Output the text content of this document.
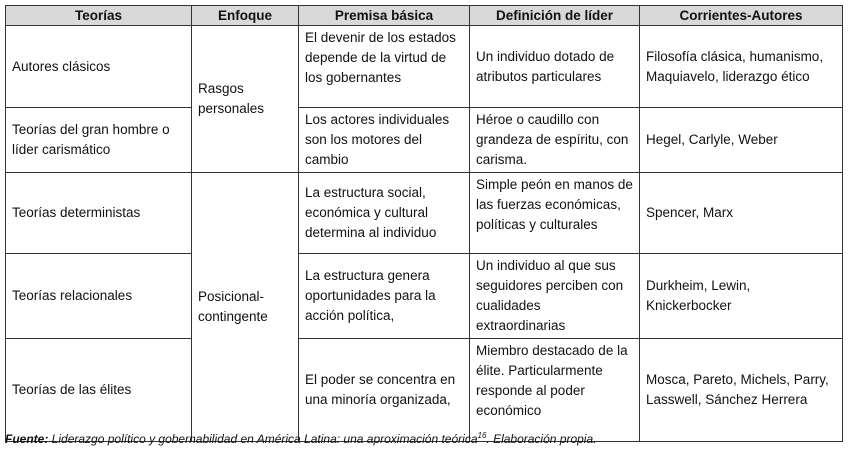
Teorías	Enfoque	Premisa básica	Definición de líder	Corrientes-Autores
Autores clásicos	Rasgos personales	El devenir de los estados depende de la virtud de los gobernantes	Un individuo dotado de atributos particulares	Filosofía clásica, humanismo, Maquiavelo, liderazgo ético
Teorías del gran hombre o líder carismático		Los actores individuales son los motores del cambio	Héroe o caudillo con grandeza de espíritu, con carisma.	Hegel, Carlyle, Weber
Teorías deterministas	Posicional-contingente	La estructura social, económica y cultural determina al individuo	Simple peón en manos de las fuerzas económicas, políticas y culturales	Spencer, Marx
Teorías relacionales		La estructura genera oportunidades para la acción política,	Un individuo al que sus seguidores perciben con cualidades extraordinarias	Durkheim, Lewin, Knickerbocker
Teorías de las élites		El poder se concentra en una minoría organizada,	Miembro destacado de la élite. Particularmente responde al poder económico	Mosca, Pareto, Michels, Parry, Lasswell, Sánchez Herrera
Fuente: Liderazgo político y gobernabilidad en América Latina: una aproximación teórica$^{16}$. Elaboración propia.
